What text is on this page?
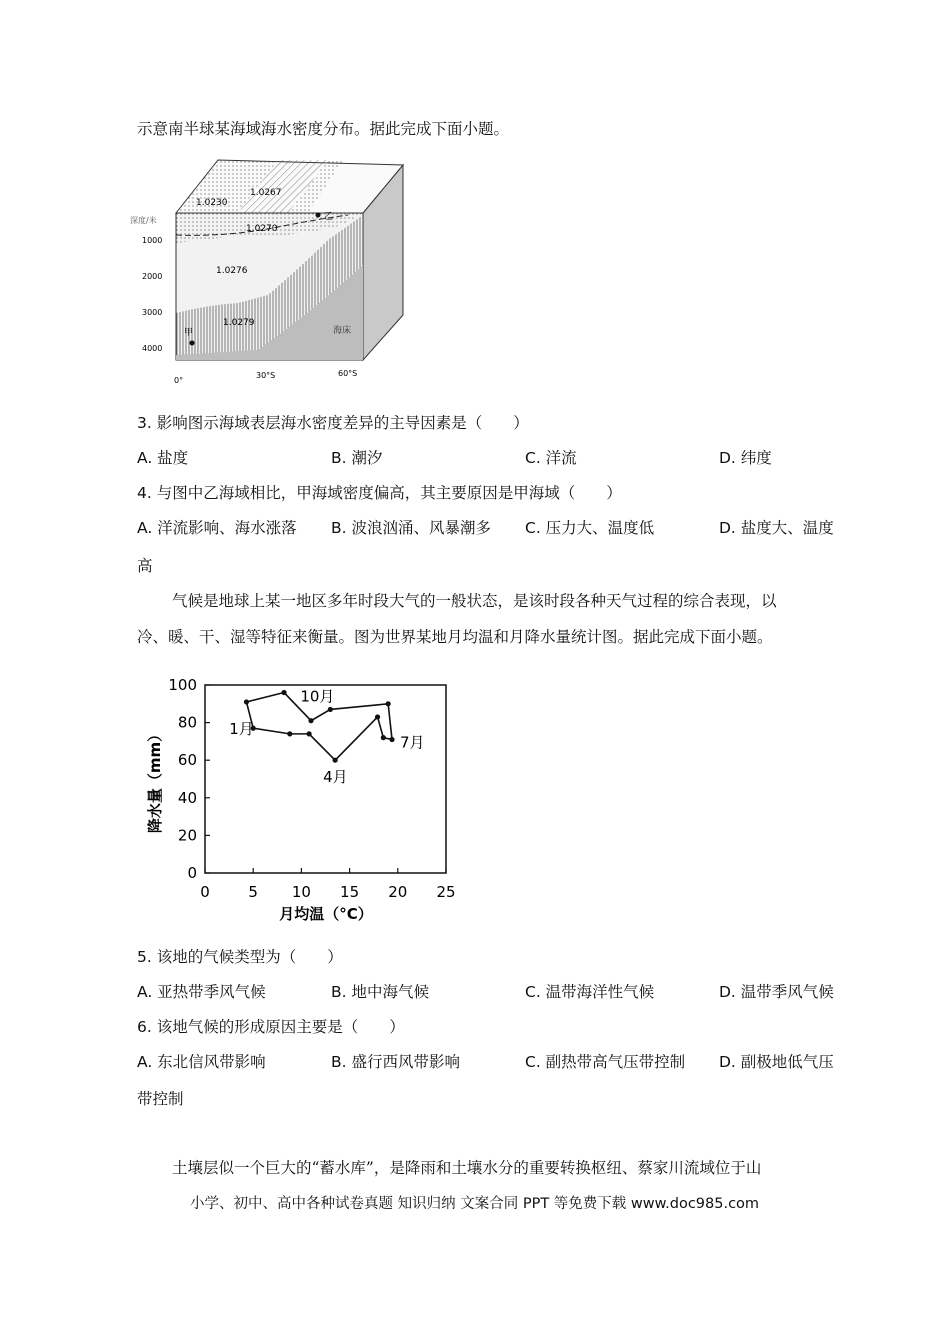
示意南半球某海域海水密度分布。据此完成下面小题。
1.0230
1.0267
1.0270
1.0276
1.0279
深度/米
1000
2000
3000
4000
0°
30°S	60°S
甲
乙
海床
3. 影响图示海域表层海水密度差异的主导因素是（　　）
A. 盐度	B. 潮汐	C. 洋流	D. 纬度
4. 与图中乙海域相比，甲海域密度偏高，其主要原因是甲海域（　　）
A. 洋流影响、海水涨落 B. 波浪汹涌、风暴潮多 C. 压力大、温度低	D. 盐度大、温度
高
气候是地球上某一地区多年时段大气的一般状态，是该时段各种天气过程的综合表现，以
冷、暖、干、湿等特征来衡量。图为世界某地月均温和月降水量统计图。据此完成下面小题。
0	5 10 15 20 25
0
20
40
60
80
100
1月
10月
7月
4月
月均温（°C）
降水量（mm）
5. 该地的气候类型为（　　）
A. 亚热带季风气候	B. 地中海气候	C. 温带海洋性气候	D. 温带季风气候
6. 该地气候的形成原因主要是（　　）
A. 东北信风带影响	B. 盛行西风带影响	C. 副热带高气压带控制 D. 副极地低气压
带控制
土壤层似一个巨大的“蓄水库”，是降雨和土壤水分的重要转换枢纽、蔡家川流域位于山
小学、初中、高中各种试卷真题 知识归纳 文案合同 PPT 等免费下载 www.doc985.com
